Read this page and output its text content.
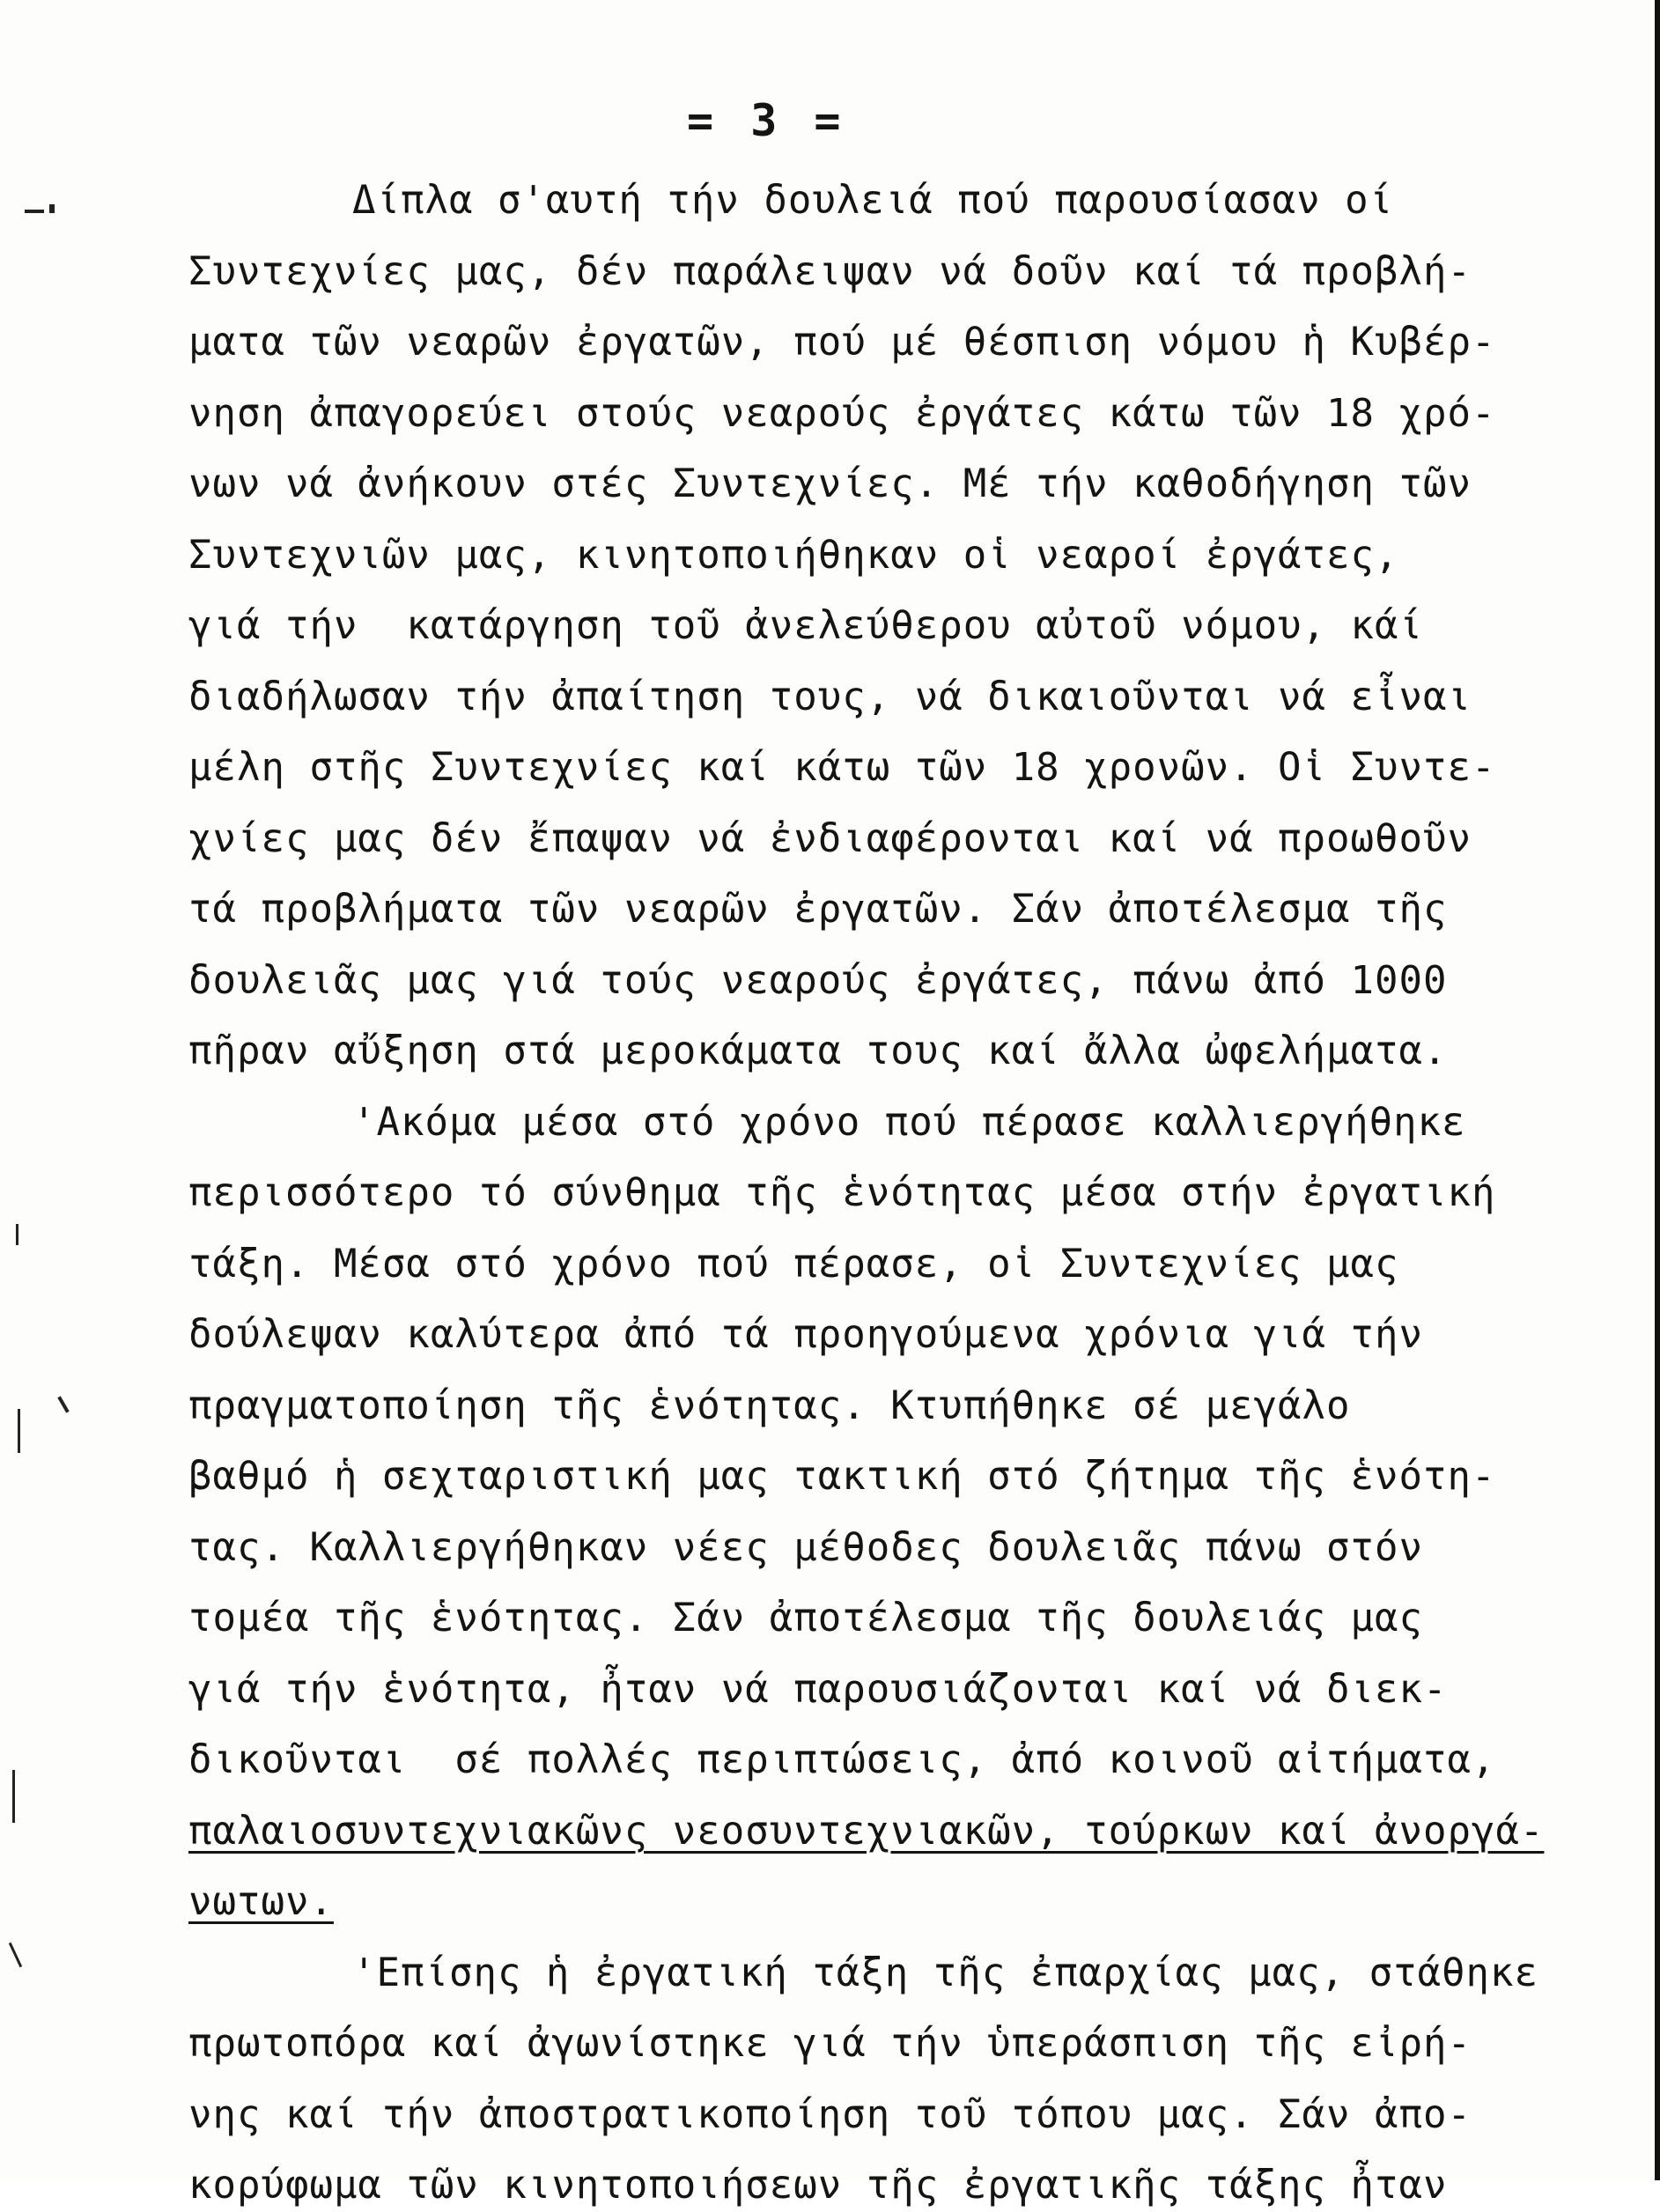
= 3 =
Δίπλα σ'αυτή τήν δουλειά πού παρουσίασαν οί
Συντεχνίες μας, δέν παράλειψαν νά δοῦν καί τά προβλή-
ματα τῶν νεαρῶν ἐργατῶν, πού μέ θέσπιση νόμου ἡ Κυβέρ-
νηση ἀπαγορεύει στούς νεαρούς ἐργάτες κάτω τῶν 18 χρό-
νων νά ἀνήκουν στές Συντεχνίες. Μέ τήν καθοδήγηση τῶν
Συντεχνιῶν μας, κινητοποιήθηκαν οἱ νεαροί ἐργάτες,
γιά τήν  κατάργηση τοῦ ἀνελεύθερου αὐτοῦ νόμου, κάί
διαδήλωσαν τήν ἀπαίτηση τους, νά δικαιοῦνται νά εἶναι
μέλη στῆς Συντεχνίες καί κάτω τῶν 18 χρονῶν. Οἱ Συντε-
χνίες μας δέν ἔπαψαν νά ἐνδιαφέρονται καί νά προωθοῦν
τά προβλήματα τῶν νεαρῶν ἐργατῶν. Σάν ἀποτέλεσμα τῆς
δουλειᾶς μας γιά τούς νεαρούς ἐργάτες, πάνω ἀπό 1000
πῆραν αὔξηση στά μεροκάματα τους καί ἄλλα ὠφελήματα.
'Ακόμα μέσα στό χρόνο πού πέρασε καλλιεργήθηκε
περισσότερο τό σύνθημα τῆς ἑνότητας μέσα στήν ἐργατική
τάξη. Μέσα στό χρόνο πού πέρασε, οἱ Συντεχνίες μας
δούλεψαν καλύτερα ἀπό τά προηγούμενα χρόνια γιά τήν
πραγματοποίηση τῆς ἑνότητας. Κτυπήθηκε σέ μεγάλο
βαθμό ἡ σεχταριστική μας τακτική στό ζήτημα τῆς ἑνότη-
τας. Καλλιεργήθηκαν νέες μέθοδες δουλειᾶς πάνω στόν
τομέα τῆς ἑνότητας. Σάν ἀποτέλεσμα τῆς δουλειάς μας
γιά τήν ἑνότητα, ἦταν νά παρουσιάζονται καί νά διεκ-
δικοῦνται  σέ πολλές περιπτώσεις, ἀπό κοινοῦ αἰτήματα,
παλαιοσυντεχνιακῶνς νεοσυντεχνιακῶν, τούρκων καί ἀνοργά-
νωτων.
'Επίσης ἡ ἐργατική τάξη τῆς ἐπαρχίας μας, στάθηκε
πρωτοπόρα καί ἀγωνίστηκε γιά τήν ὑπεράσπιση τῆς εἰρή-
νης καί τήν ἀποστρατικοποίηση τοῦ τόπου μας. Σάν ἀπο-
κορύφωμα τῶν κινητοποιήσεων τῆς ἐργατικῆς τάξης ἦταν
